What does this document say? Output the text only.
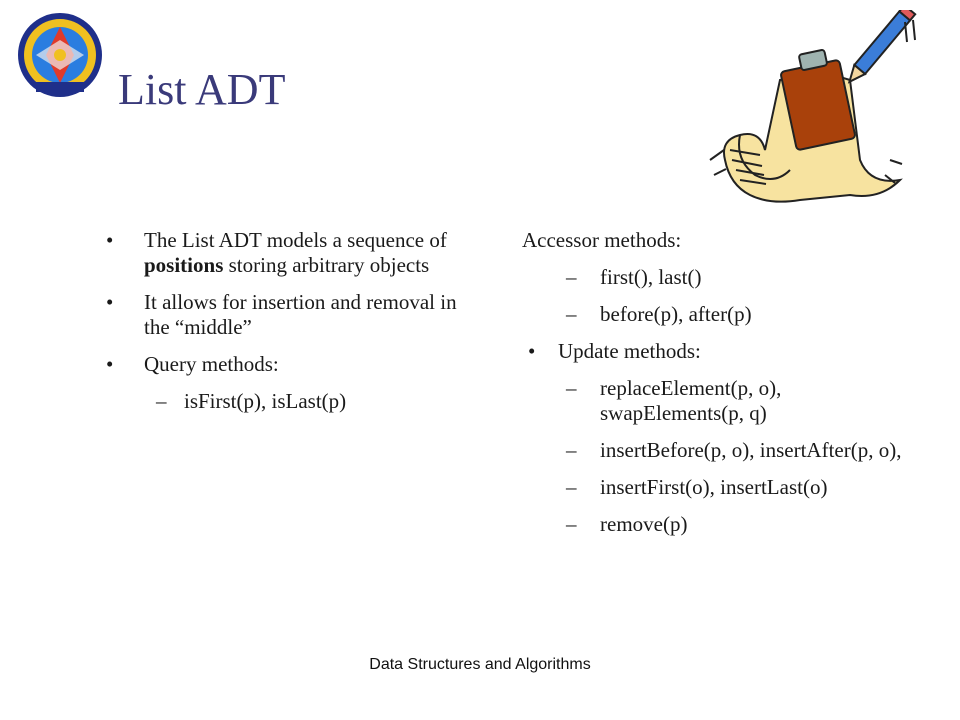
List ADT
•	The List ADT models a sequence of positions storing arbitrary objects
•	It allows for insertion and removal in the “middle”
•	Query methods:
– isFirst(p), isLast(p)
Accessor methods:
–	first(), last()
–	before(p), after(p)
•	Update methods:
–	replaceElement(p, o), swapElements(p, q)
–	insertBefore(p, o), insertAfter(p, o),
–	insertFirst(o), insertLast(o)
–	remove(p)
Data Structures and Algorithms
